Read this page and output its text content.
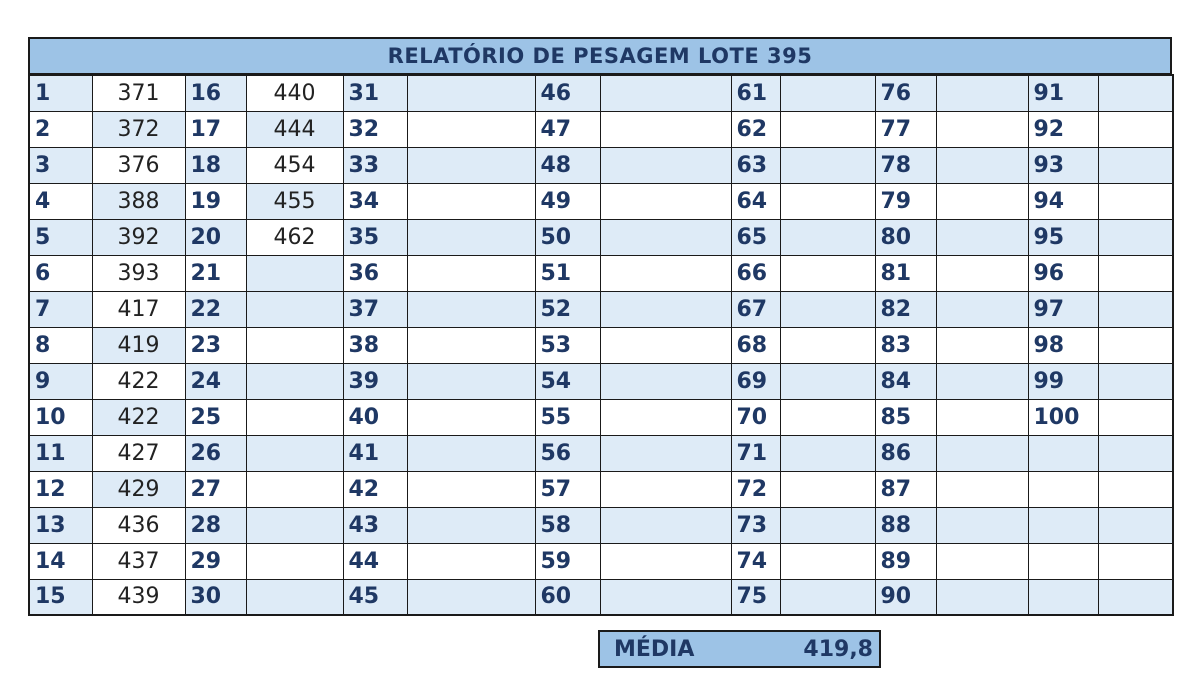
RELATÓRIO DE PESAGEM LOTE 395
1	371	16	440	31		46		61		76		91	
2	372	17	444	32		47		62		77		92	
3	376	18	454	33		48		63		78		93	
4	388	19	455	34		49		64		79		94	
5	392	20	462	35		50		65		80		95	
6	393	21		36		51		66		81		96	
7	417	22		37		52		67		82		97	
8	419	23		38		53		68		83		98	
9	422	24		39		54		69		84		99	
10	422	25		40		55		70		85		100	
11	427	26		41		56		71		86			
12	429	27		42		57		72		87			
13	436	28		43		58		73		88			
14	437	29		44		59		74		89			
15	439	30		45		60		75		90			
MÉDIA	419,8
